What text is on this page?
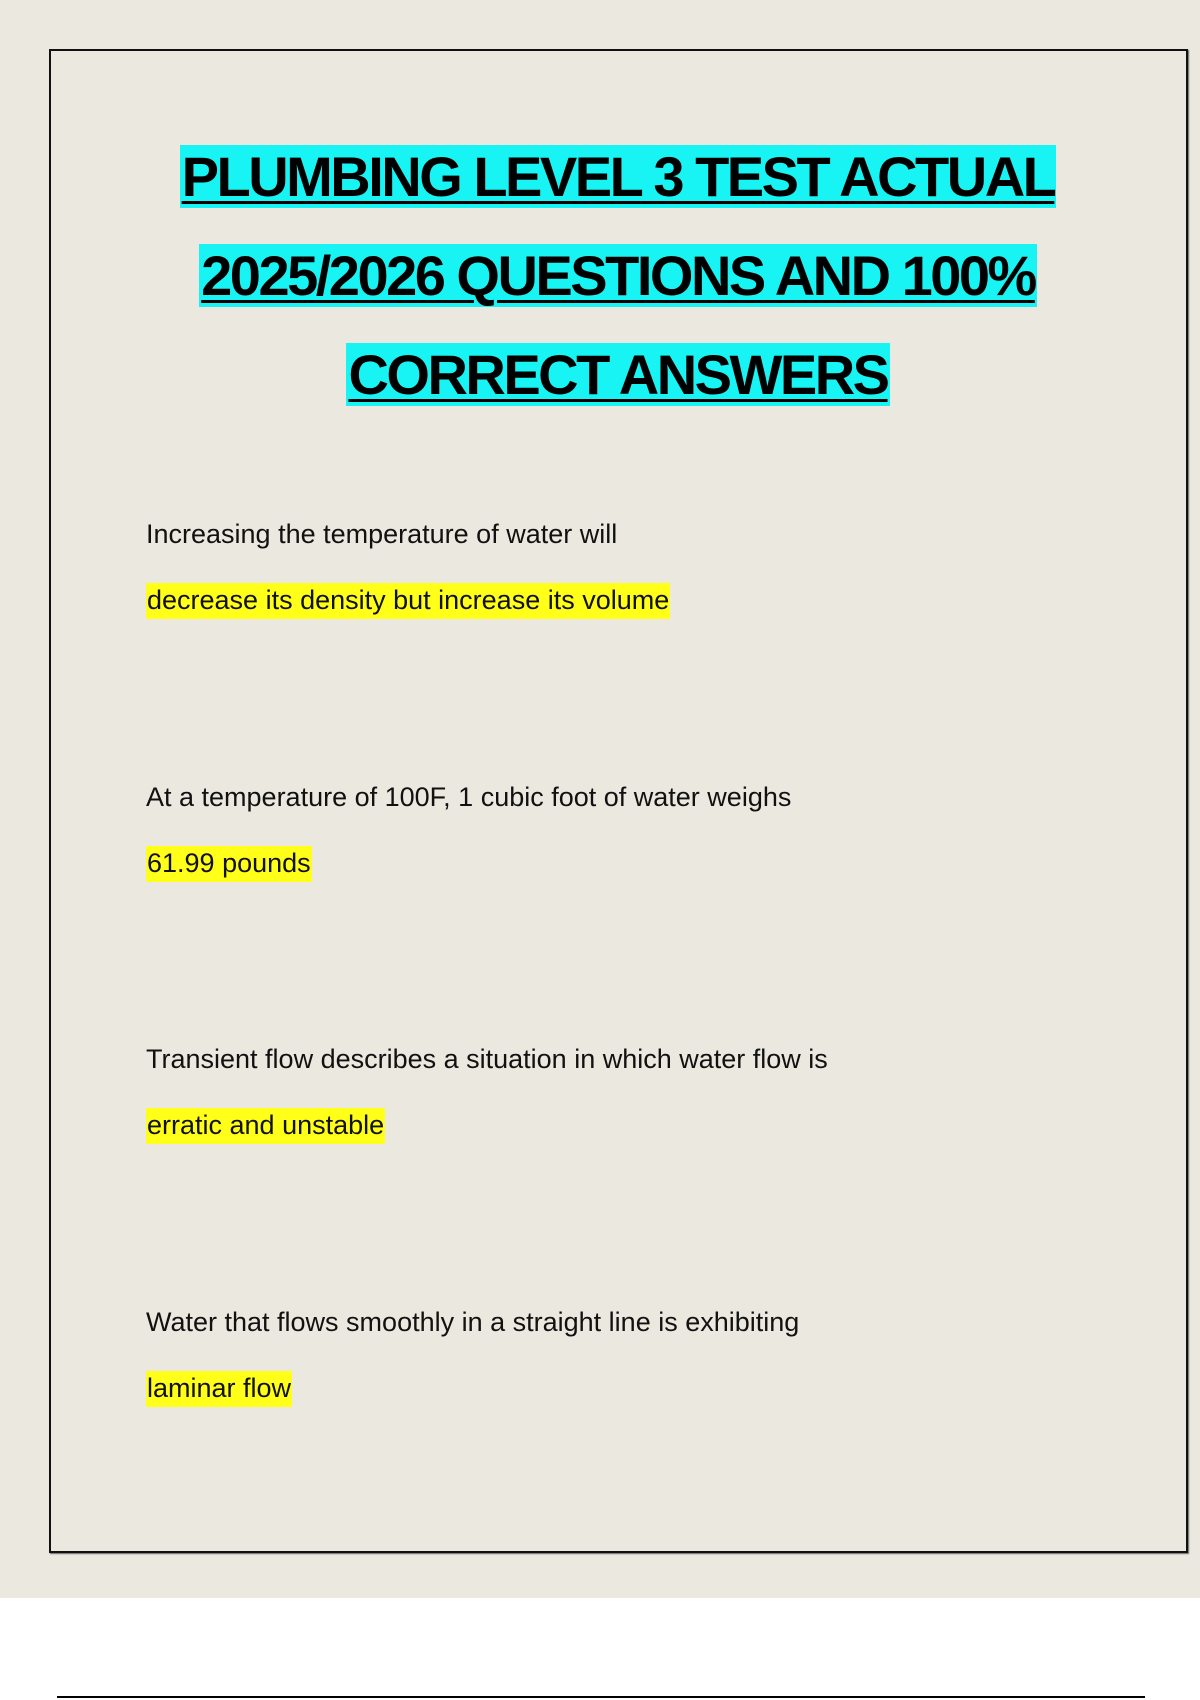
PLUMBING LEVEL 3 TEST ACTUAL
2025/2026 QUESTIONS AND 100%
CORRECT ANSWERS
Increasing the temperature of water will
decrease its density but increase its volume
At a temperature of 100F, 1 cubic foot of water weighs
61.99 pounds
Transient flow describes a situation in which water flow is
erratic and unstable
Water that flows smoothly in a straight line is exhibiting
laminar flow
